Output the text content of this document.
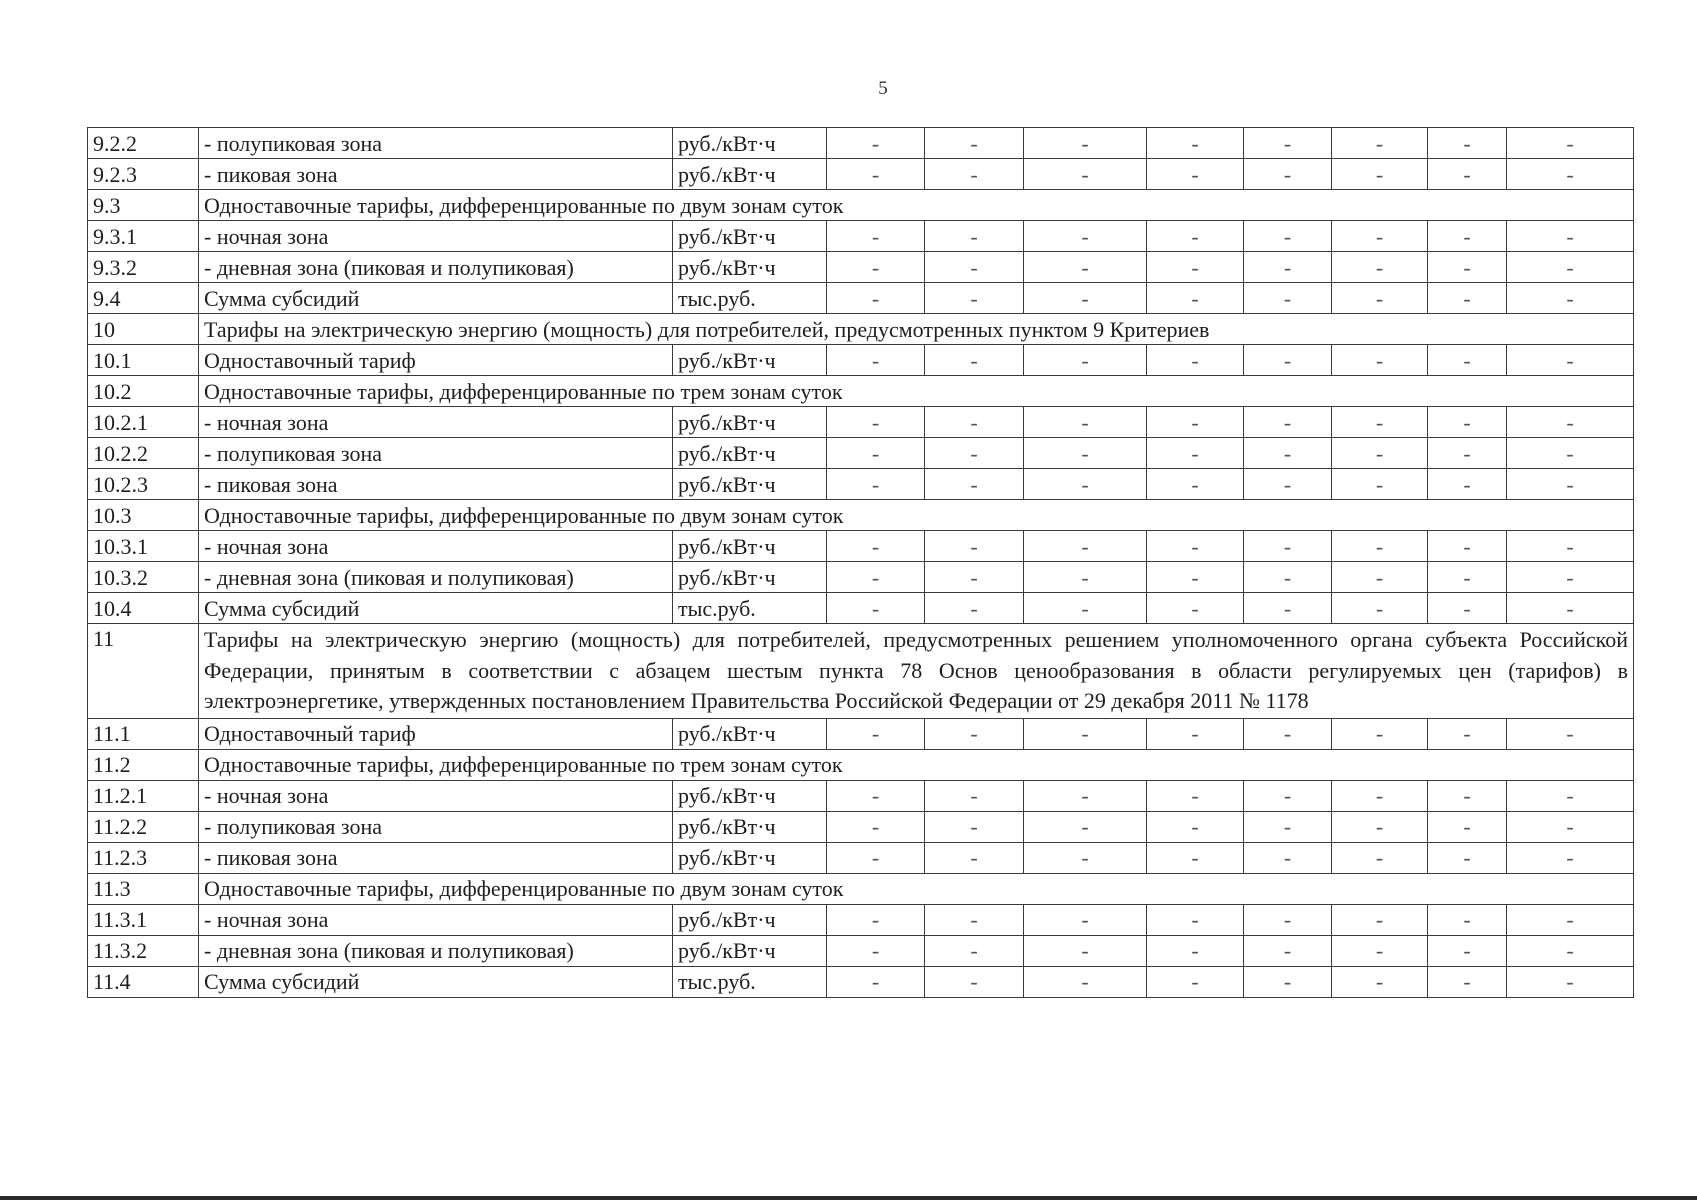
5
9.2.2	- полупиковая зона	руб./кВт·ч	-	-	-	-	-	-	-	-
9.2.3	- пиковая зона	руб./кВт·ч	-	-	-	-	-	-	-	-
9.3	Одноставочные тарифы, дифференцированные по двум зонам суток									
9.3.1	- ночная зона	руб./кВт·ч	-	-	-	-	-	-	-	-
9.3.2	- дневная зона (пиковая и полупиковая)	руб./кВт·ч	-	-	-	-	-	-	-	-
9.4	Сумма субсидий	тыс.руб.	-	-	-	-	-	-	-	-
10	Тарифы на электрическую энергию (мощность) для потребителей, предусмотренных пунктом 9 Критериев									
10.1	Одноставочный тариф	руб./кВт·ч	-	-	-	-	-	-	-	-
10.2	Одноставочные тарифы, дифференцированные по трем зонам суток									
10.2.1	- ночная зона	руб./кВт·ч	-	-	-	-	-	-	-	-
10.2.2	- полупиковая зона	руб./кВт·ч	-	-	-	-	-	-	-	-
10.2.3	- пиковая зона	руб./кВт·ч	-	-	-	-	-	-	-	-
10.3	Одноставочные тарифы, дифференцированные по двум зонам суток									
10.3.1	- ночная зона	руб./кВт·ч	-	-	-	-	-	-	-	-
10.3.2	- дневная зона (пиковая и полупиковая)	руб./кВт·ч	-	-	-	-	-	-	-	-
10.4	Сумма субсидий	тыс.руб.	-	-	-	-	-	-	-	-
11	Тарифы на электрическую энергию (мощность) для потребителей, предусмотренных решением уполномоченного органа субъекта Российской Федерации, принятым в соответствии с абзацем шестым пункта 78 Основ ценообразования в области регулируемых цен (тарифов) в электроэнергетике, утвержденных постановлением Правительства Российской Федерации от 29 декабря 2011 № 1178									
11.1	Одноставочный тариф	руб./кВт·ч	-	-	-	-	-	-	-	-
11.2	Одноставочные тарифы, дифференцированные по трем зонам суток									
11.2.1	- ночная зона	руб./кВт·ч	-	-	-	-	-	-	-	-
11.2.2	- полупиковая зона	руб./кВт·ч	-	-	-	-	-	-	-	-
11.2.3	- пиковая зона	руб./кВт·ч	-	-	-	-	-	-	-	-
11.3	Одноставочные тарифы, дифференцированные по двум зонам суток									
11.3.1	- ночная зона	руб./кВт·ч	-	-	-	-	-	-	-	-
11.3.2	- дневная зона (пиковая и полупиковая)	руб./кВт·ч	-	-	-	-	-	-	-	-
11.4	Сумма субсидий	тыс.руб.	-	-	-	-	-	-	-	-
